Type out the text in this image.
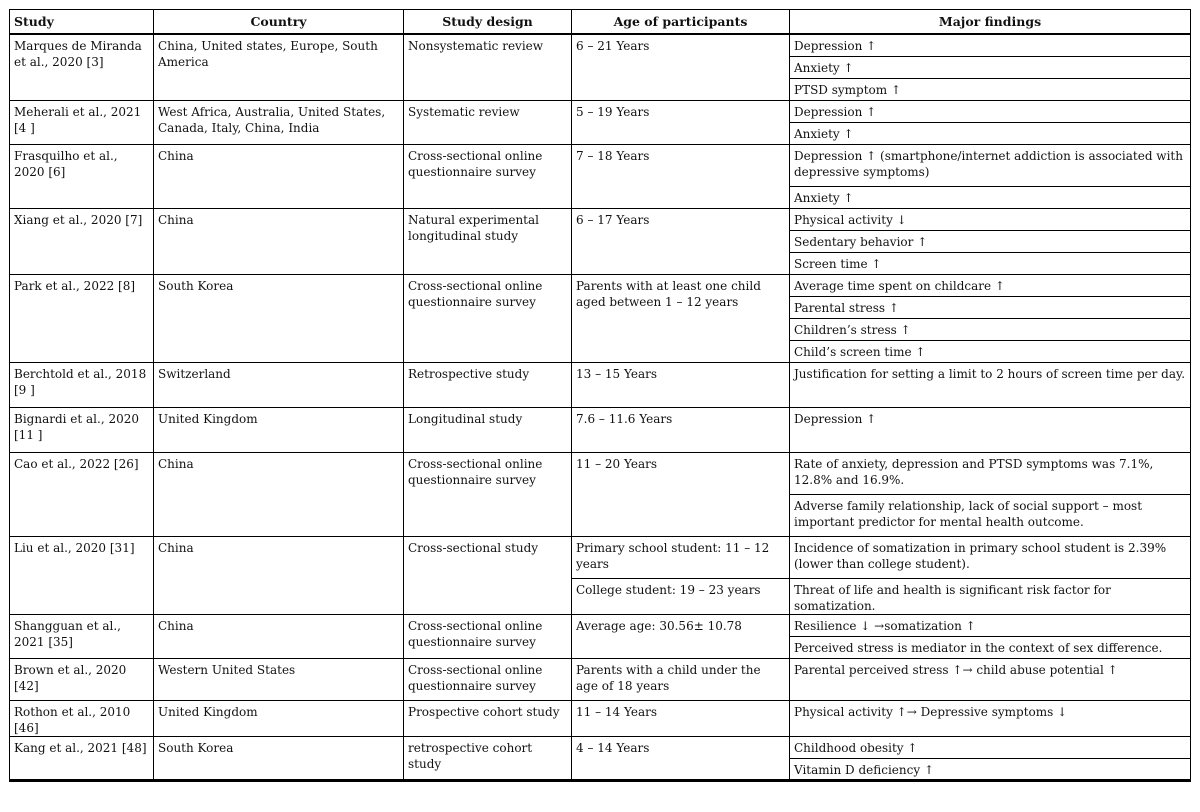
Study	Country	Study design	Age of participants	Major findings
Marques de Miranda et al., 2020 [3]	China, United states, Europe, South America	Nonsystematic review	6 – 21 Years	Depression ↑
				Anxiety ↑
				PTSD symptom ↑
Meherali et al., 2021 [4 ]	West Africa, Australia, United States, Canada, Italy, China, India	Systematic review	5 – 19 Years	Depression ↑
				Anxiety ↑
Frasquilho et al., 2020 [6]	China	Cross-sectional online questionnaire survey	7 – 18 Years	Depression ↑ (smartphone/internet addiction is associated with depressive symptoms)
				Anxiety ↑
Xiang et al., 2020 [7]	China	Natural experimental longitudinal study	6 – 17 Years	Physical activity ↓
				Sedentary behavior ↑
				Screen time ↑
Park et al., 2022 [8]	South Korea	Cross-sectional online questionnaire survey	Parents with at least one child aged between 1 – 12 years	Average time spent on childcare ↑
				Parental stress ↑
				Children’s stress ↑
				Child’s screen time ↑
Berchtold et al., 2018 [9 ]	Switzerland	Retrospective study	13 – 15 Years	Justification for setting a limit to 2 hours of screen time per day.
Bignardi et al., 2020 [11 ]	United Kingdom	Longitudinal study	7.6 – 11.6 Years	Depression ↑
Cao et al., 2022 [26]	China	Cross-sectional online questionnaire survey	11 – 20 Years	Rate of anxiety, depression and PTSD symptoms was 7.1%, 12.8% and 16.9%.
				Adverse family relationship, lack of social support – most important predictor for mental health outcome.
Liu et al., 2020 [31]	China	Cross-sectional study	Primary school student: 11 – 12 years	Incidence of somatization in primary school student is 2.39% (lower than college student).
			College student: 19 – 23 years	Threat of life and health is significant risk factor for somatization.
Shangguan et al., 2021 [35]	China	Cross-sectional online questionnaire survey	Average age: 30.56± 10.78	Resilience ↓ →somatization ↑
				Perceived stress is mediator in the context of sex difference.
Brown et al., 2020 [42]	Western United States	Cross-sectional online questionnaire survey	Parents with a child under the age of 18 years	Parental perceived stress ↑→ child abuse potential ↑
Rothon et al., 2010 [46]	United Kingdom	Prospective cohort study	11 – 14 Years	Physical activity ↑→ Depressive symptoms ↓
Kang et al., 2021 [48]	South Korea	retrospective cohort study	4 – 14 Years	Childhood obesity ↑
				Vitamin D deficiency ↑
